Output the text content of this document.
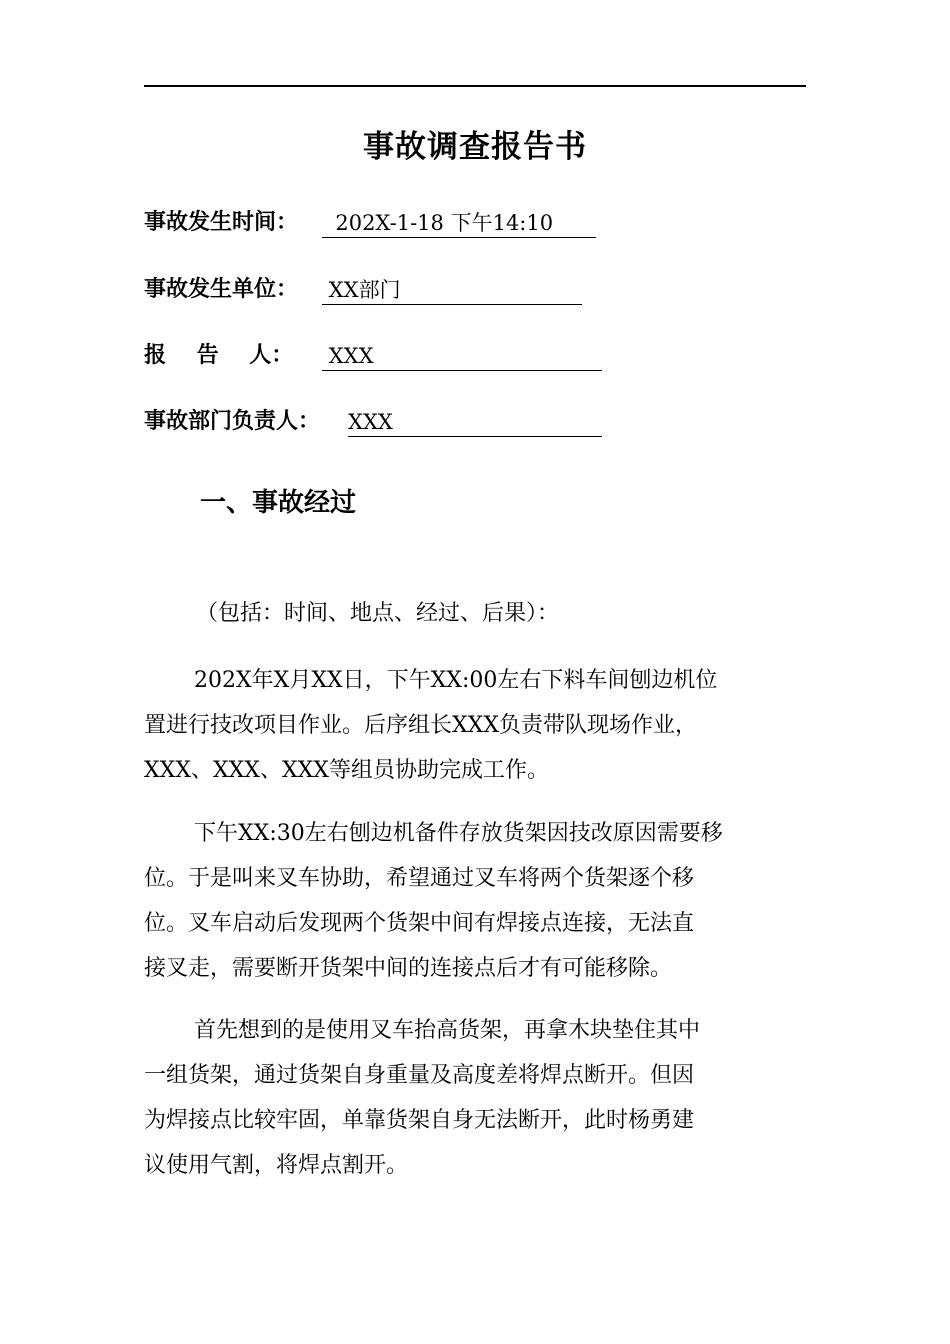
事故调查报告书
事故发生时间： 202X-1-18 下午14:10
事故发生单位： XX部门
报    告    人： XXX
事故部门负责人： XXX
一、事故经过
（包括：时间、地点、经过、后果）：
202X年X月XX日，下午XX:00左右下料车间刨边机位
置进行技改项目作业。后序组长XXX负责带队现场作业，
XXX、XXX、XXX等组员协助完成工作。
下午XX:30左右刨边机备件存放货架因技改原因需要移
位。于是叫来叉车协助，希望通过叉车将两个货架逐个移
位。叉车启动后发现两个货架中间有焊接点连接，无法直
接叉走，需要断开货架中间的连接点后才有可能移除。
首先想到的是使用叉车抬高货架，再拿木块垫住其中
一组货架，通过货架自身重量及高度差将焊点断开。但因
为焊接点比较牢固，单靠货架自身无法断开，此时杨勇建
议使用气割，将焊点割开。
